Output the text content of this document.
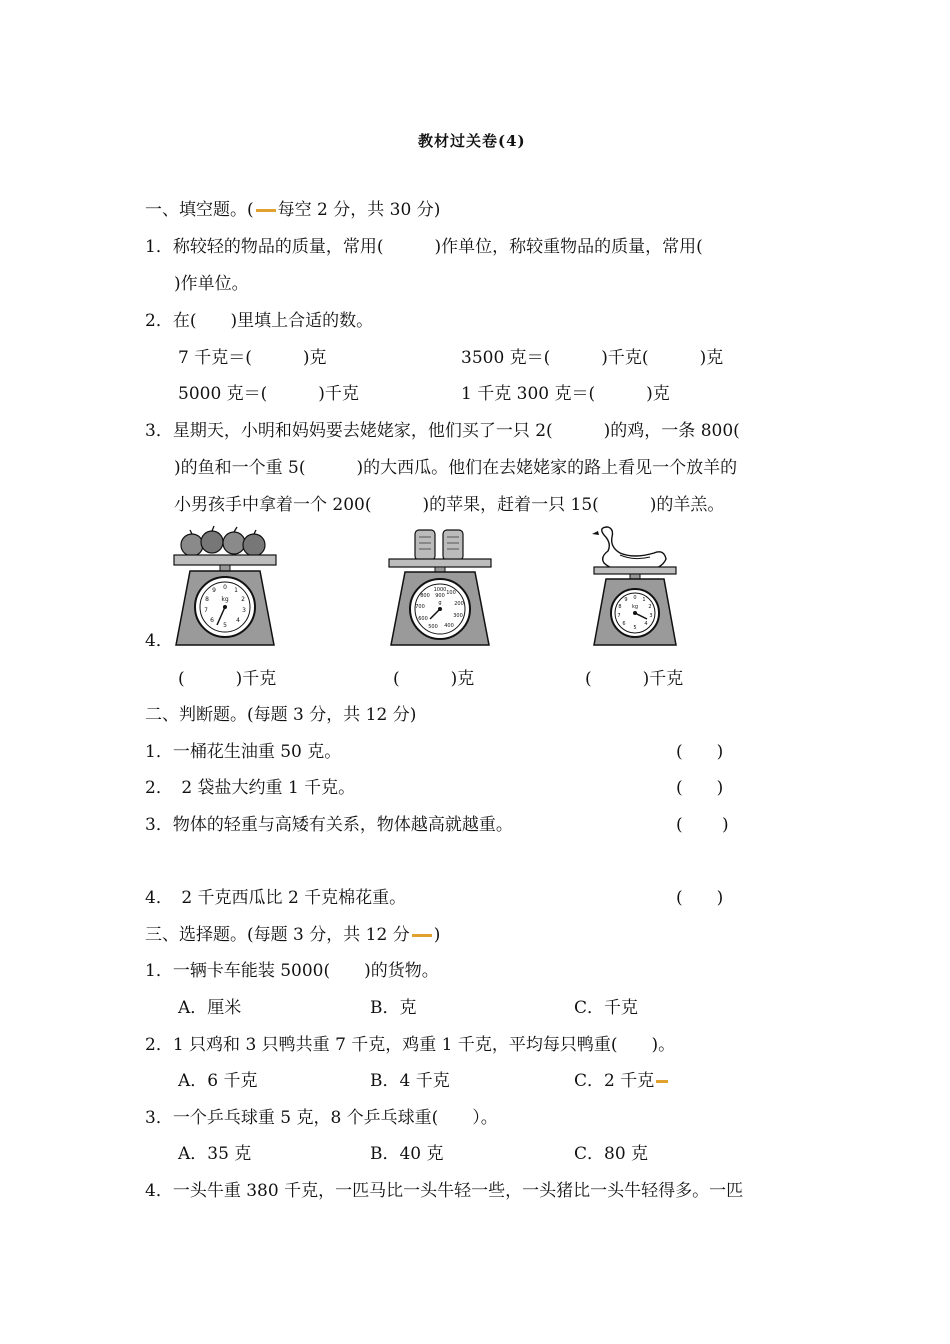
教材过关卷(4)
一、填空题。( 每空 2 分，共 30 分)
1．称较轻的物品的质量，常用(　　　)作单位，称较重物品的质量，常用(
)作单位。
2．在(　　)里填上合适的数。
7 千克＝(　　　)克	3500 克＝(　　　)千克(　　　)克
5000 克＝(　　　)千克	1 千克 300 克＝(　　　)克
3．星期天，小明和妈妈要去姥姥家，他们买了一只 2(　　　)的鸡，一条 800(
)的鱼和一个重 5(　　　)的大西瓜。他们在去姥姥家的路上看见一个放羊的
小男孩手中拿着一个 200(　　　)的苹果，赶着一只 15(　　　)的羊羔。
4．
0 1
2
3
4
5
6
7
8
9
kg
1000 100
200
300
400
500
600
700
800 900
g
0 1
2
3
4
5
6
7
8
9
kg
(　　　)千克	(　　　)克	(　　　)千克
二、判断题。(每题 3 分，共 12 分)
1．一桶花生油重 50 克。	(　　)
2．　2 袋盐大约重 1 千克。	(　　)
3．物体的轻重与高矮有关系，物体越高就越重。	(　　 )
4．　2 千克西瓜比 2 千克棉花重。	(　　)
三、选择题。(每题 3 分，共 12 分 )
1．一辆卡车能装 5000(　　)的货物。
A．厘米	B．克	C．千克
2．1 只鸡和 3 只鸭共重 7 千克，鸡重 1 千克，平均每只鸭重(　　)。
A．6 千克	B．4 千克	C．2 千克
3．一个乒乓球重 5 克，8 个乒乓球重(　　）。
A．35 克	B．40 克	C．80 克
4．一头牛重 380 千克，一匹马比一头牛轻一些，一头猪比一头牛轻得多。一匹
